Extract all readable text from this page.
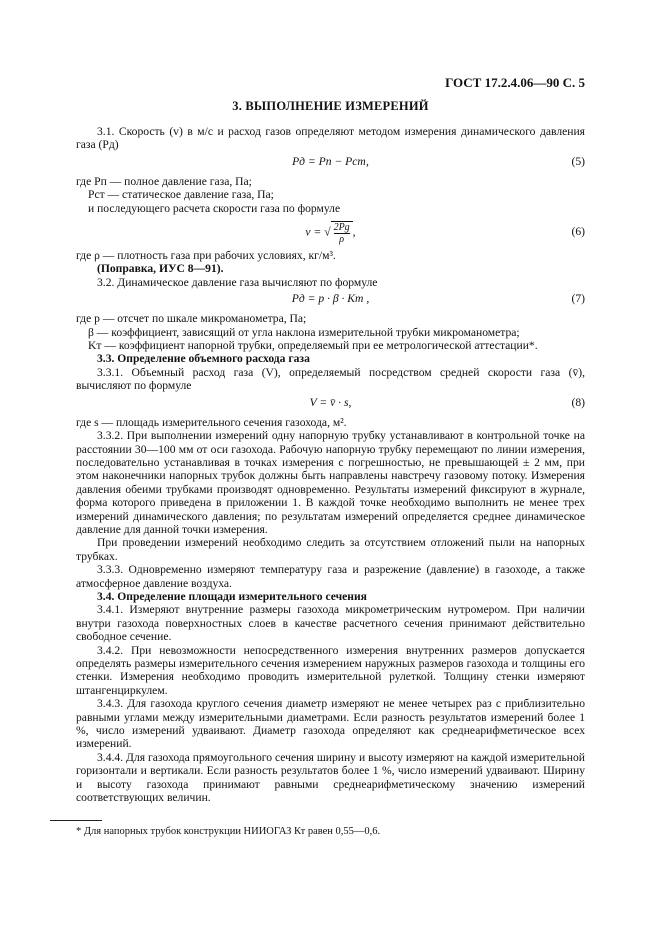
ГОСТ 17.2.4.06—90 С. 5
3. ВЫПОЛНЕНИЕ ИЗМЕРЕНИЙ

3.1. Скорость (v) в м/с и расход газов определяют методом измерения динамического давления газа (Pд)

Pд = Pп − Pст,	(5)

где Pп — полное давление газа, Па;

Pст — статическое давление газа, Па;

и последующего расчета скорости газа по формуле

v = √ $\frac{2Pg}{\rho}$,	(6)

где ρ — плотность газа при рабочих условиях, кг/м³.

(Поправка, ИУС 8—91).

3.2. Динамическое давление газа вычисляют по формуле

Pд = p · β · Kт ,	(7)

где p — отсчет по шкале микроманометра, Па;

β — коэффициент, зависящий от угла наклона измерительной трубки микроманометра;

Kт — коэффициент напорной трубки, определяемый при ее метрологической аттестации*.

3.3. Определение объемного расхода газа

3.3.1. Объемный расход газа (V), определяемый посредством средней скорости газа (v̄), вычисляют по формуле

V = v̄ · s,	(8)

где s — площадь измерительного сечения газохода, м².

3.3.2. При выполнении измерений одну напорную трубку устанавливают в контрольной точке на расстоянии 30—100 мм от оси газохода. Рабочую напорную трубку перемещают по линии измерения, последовательно устанавливая в точках измерения с погрешностью, не превышающей ± 2 мм, при этом наконечники напорных трубок должны быть направлены навстречу газовому потоку. Измерения давления обеими трубками производят одновременно. Результаты измерений фиксируют в журнале, форма которого приведена в приложении 1. В каждой точке необходимо выполнить не менее трех измерений динамического давления; по результатам измерений определяется среднее динамическое давление для данной точки измерения.

При проведении измерений необходимо следить за отсутствием отложений пыли на напорных трубках.

3.3.3. Одновременно измеряют температуру газа и разрежение (давление) в газоходе, а также атмосферное давление воздуха.

3.4. Определение площади измерительного сечения

3.4.1. Измеряют внутренние размеры газохода микрометрическим нутромером. При наличии внутри газохода поверхностных слоев в качестве расчетного сечения принимают действительно свободное сечение.

3.4.2. При невозможности непосредственного измерения внутренних размеров допускается определять размеры измерительного сечения измерением наружных размеров газохода и толщины его стенки. Измерения необходимо проводить измерительной рулеткой. Толщину стенки измеряют штангенциркулем.

3.4.3. Для газохода круглого сечения диаметр измеряют не менее четырех раз с приблизительно равными углами между измерительными диаметрами. Если разность результатов измерений более 1 %, число измерений удваивают. Диаметр газохода определяют как среднеарифметическое всех измерений.

3.4.4. Для газохода прямоугольного сечения ширину и высоту измеряют на каждой измерительной горизонтали и вертикали. Если разность результатов более 1 %, число измерений удваивают. Ширину и высоту газохода принимают равными среднеарифметическому значению измерений соответствующих величин.

* Для напорных трубок конструкции НИИОГАЗ Кт равен 0,55—0,6.
